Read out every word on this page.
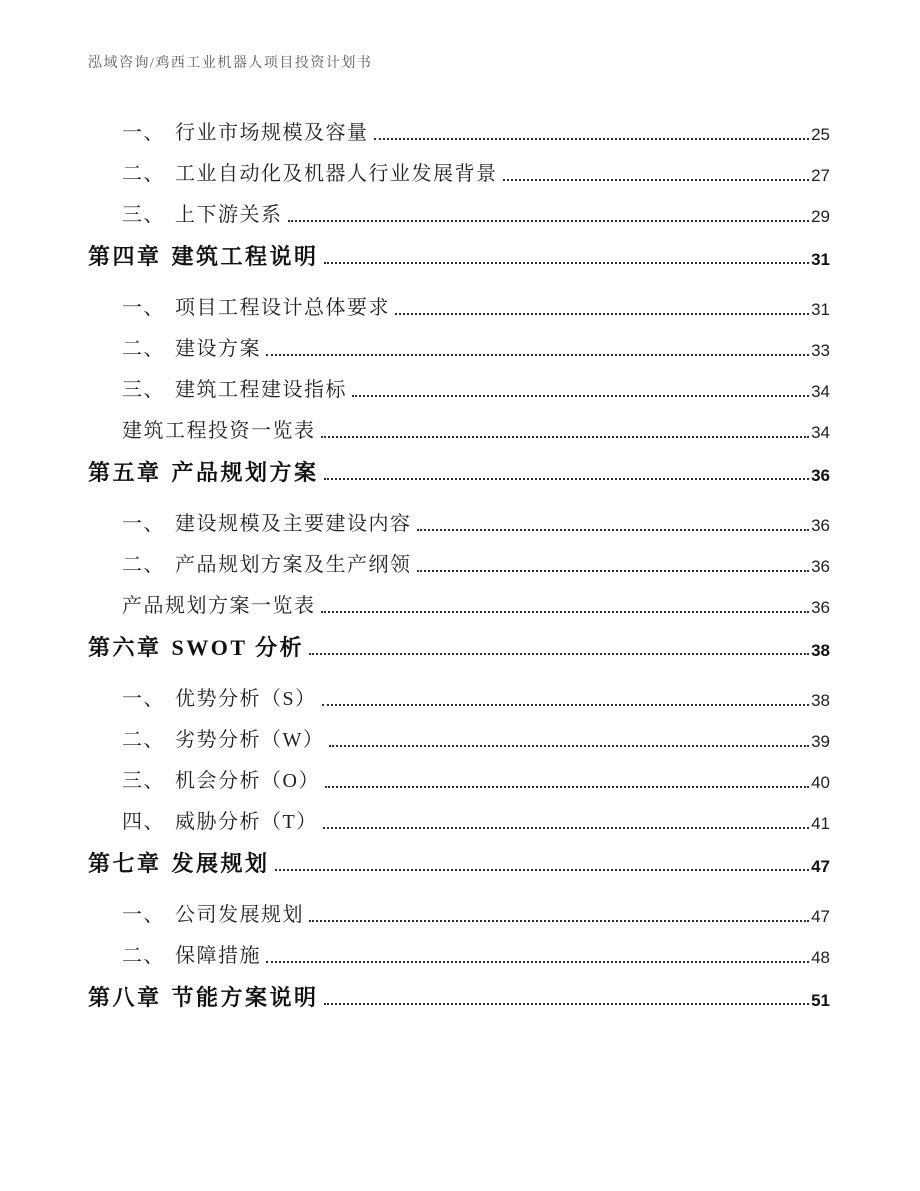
泓域咨询/鸡西工业机器人项目投资计划书
一、 行业市场规模及容量	25
二、 工业自动化及机器人行业发展背景	27
三、 上下游关系	29
第四章 建筑工程说明	31
一、 项目工程设计总体要求	31
二、 建设方案	33
三、 建筑工程建设指标	34
建筑工程投资一览表	34
第五章 产品规划方案	36
一、 建设规模及主要建设内容	36
二、 产品规划方案及生产纲领	36
产品规划方案一览表	36
第六章 SWOT 分析	38
一、 优势分析（S）	38
二、 劣势分析（W）	39
三、 机会分析（O）	40
四、 威胁分析（T）	41
第七章 发展规划	47
一、 公司发展规划	47
二、 保障措施	48
第八章 节能方案说明	51
